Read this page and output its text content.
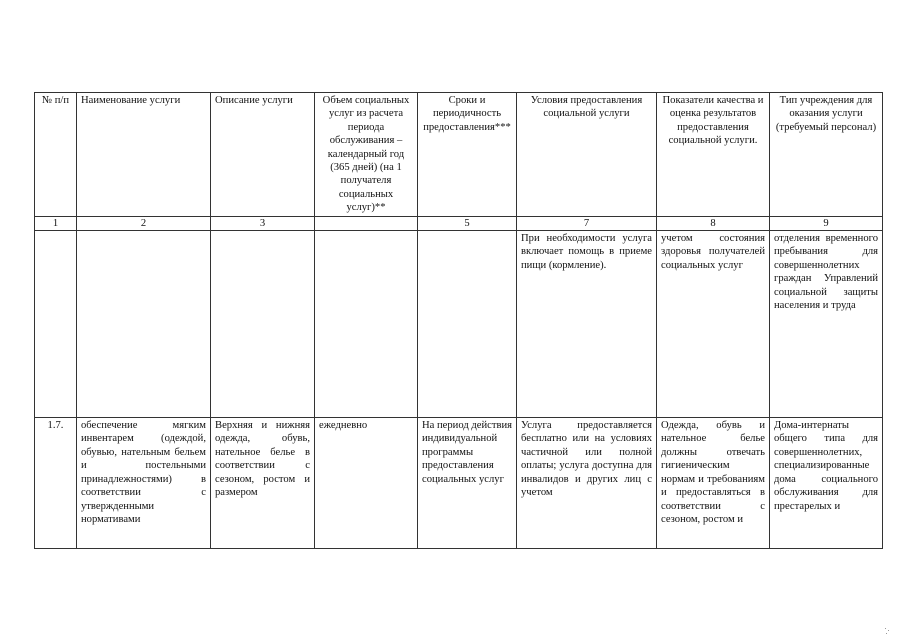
№ п/п	Наименование услуги	Описание услуги	Объем социальных услуг из расчета периода обслуживания – календарный год (365 дней) (на 1 получателя социальных услуг)**	Сроки и периодичность предоставления***	Условия предоставления социальной услуги	Показатели качества и оценка результатов предоставления социальной услуги.	Тип учреждения для оказания услуги (требуемый персонал)
1	2	3		5	7	8	9
					При необходимости услуга включает помощь в приеме пищи (кормление).	учетом состояния здоровья получателей социальных услуг	отделения временного пребывания для совершеннолетних граждан Управлений социальной защиты населения и труда
1.7.	обеспечение мягким инвентарем (одеждой, обувью, нательным бельем и постельными принадлежностями) в соответствии с утвержденными нормативами	Верхняя и нижняя одежда, обувь, нательное белье в соответствии с сезоном, ростом и размером	ежедневно	На период действия индивидуальной программы предоставления социальных услуг	Услуга предоставляется бесплатно или на условиях частичной или полной оплаты; услуга доступна для инвалидов и других лиц с учетом	Одежда, обувь и нательное белье должны отвечать гигиеническим нормам и требованиям и предоставляться в соответствии с сезоном, ростом и	Дома-интернаты общего типа для совершеннолетних, специализированные дома социального обслуживания для престарелых и
